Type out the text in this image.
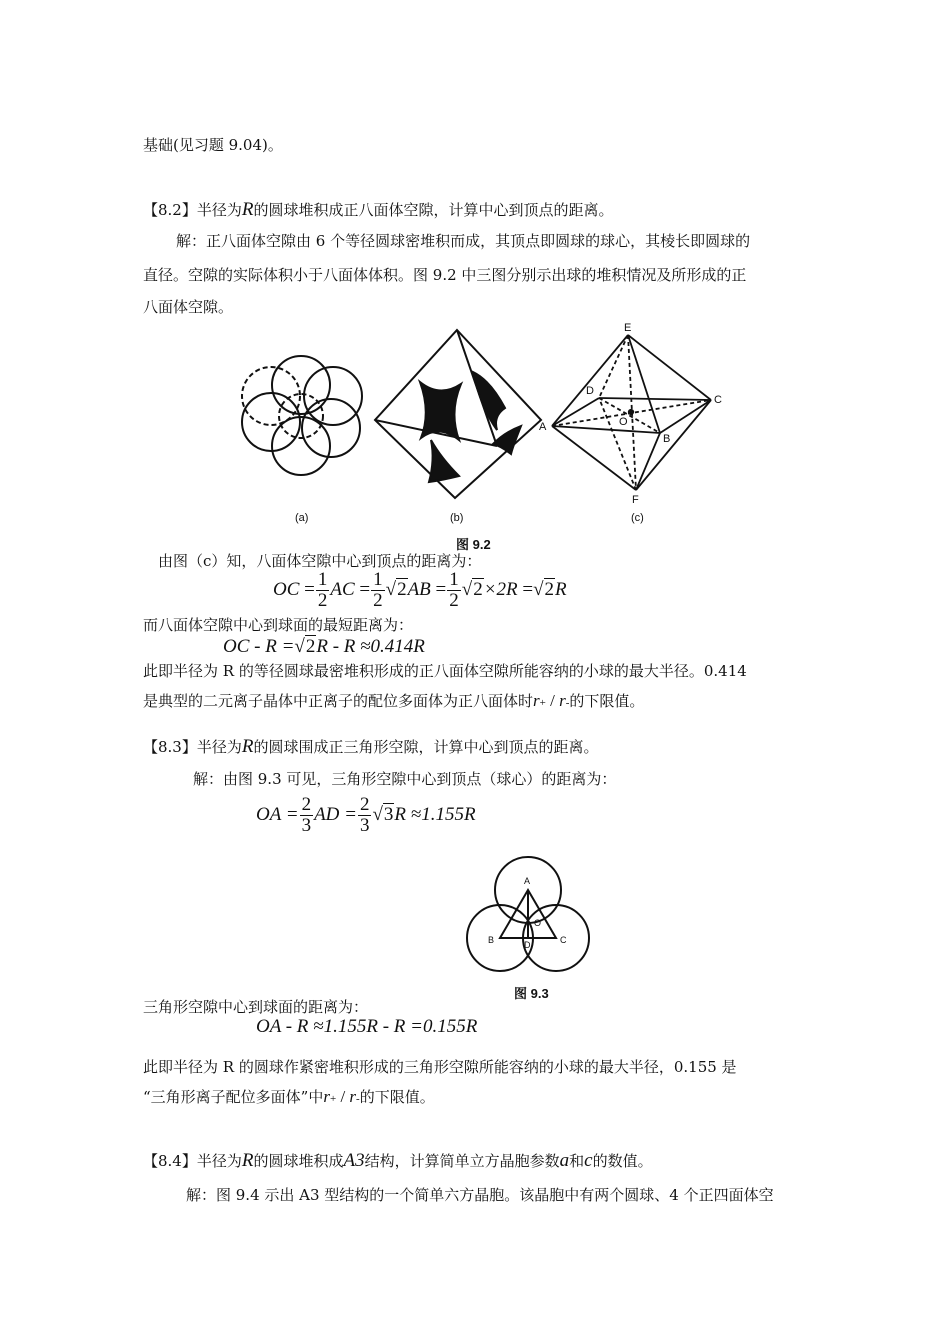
基础(见习题 9.04)。
【8.2】半径为R的圆球堆积成正八面体空隙，计算中心到顶点的距离。
解：正八面体空隙由 6 个等径圆球密堆积而成，其顶点即圆球的球心，其棱长即圆球的
直径。空隙的实际体积小于八面体体积。图 9.2 中三图分别示出球的堆积情况及所形成的正
八面体空隙。
E
D
C
A	O
B
F
(a)	(b)	(c)
图 9.2
由图（c）知，八面体空隙中心到顶点的距离为：
OC = $\frac{1}{2}$ AC = $\frac{1}{2} √2AB = \frac{1}{2} √2\times 2R =√2R$
而八面体空隙中心到球面的最短距离为：
OC - R =√2R - R ≈0.414R
此即半径为 R 的等径圆球最密堆积形成的正八面体空隙所能容纳的小球的最大半径。0.414
是典型的二元离子晶体中正离子的配位多面体为正八面体时r+ / r-的下限值。
【8.3】半径为R的圆球围成正三角形空隙，计算中心到顶点的距离。
解：由图 9.3 可见，三角形空隙中心到顶点（球心）的距离为：
OA = $\frac{2}{3}$ AD = $\frac{2}{3} √3R \approx 1.155R$
A
O
B	D	C
图 9.3
三角形空隙中心到球面的距离为：
OA - R ≈1.155R - R =0.155R
此即半径为 R 的圆球作紧密堆积形成的三角形空隙所能容纳的小球的最大半径，0.155 是
“三角形离子配位多面体”中r+ / r-的下限值。
【8.4】半径为R的圆球堆积成A3结构，计算简单立方晶胞参数a和c的数值。
解：图 9.4 示出 A3 型结构的一个简单六方晶胞。该晶胞中有两个圆球、4 个正四面体空
